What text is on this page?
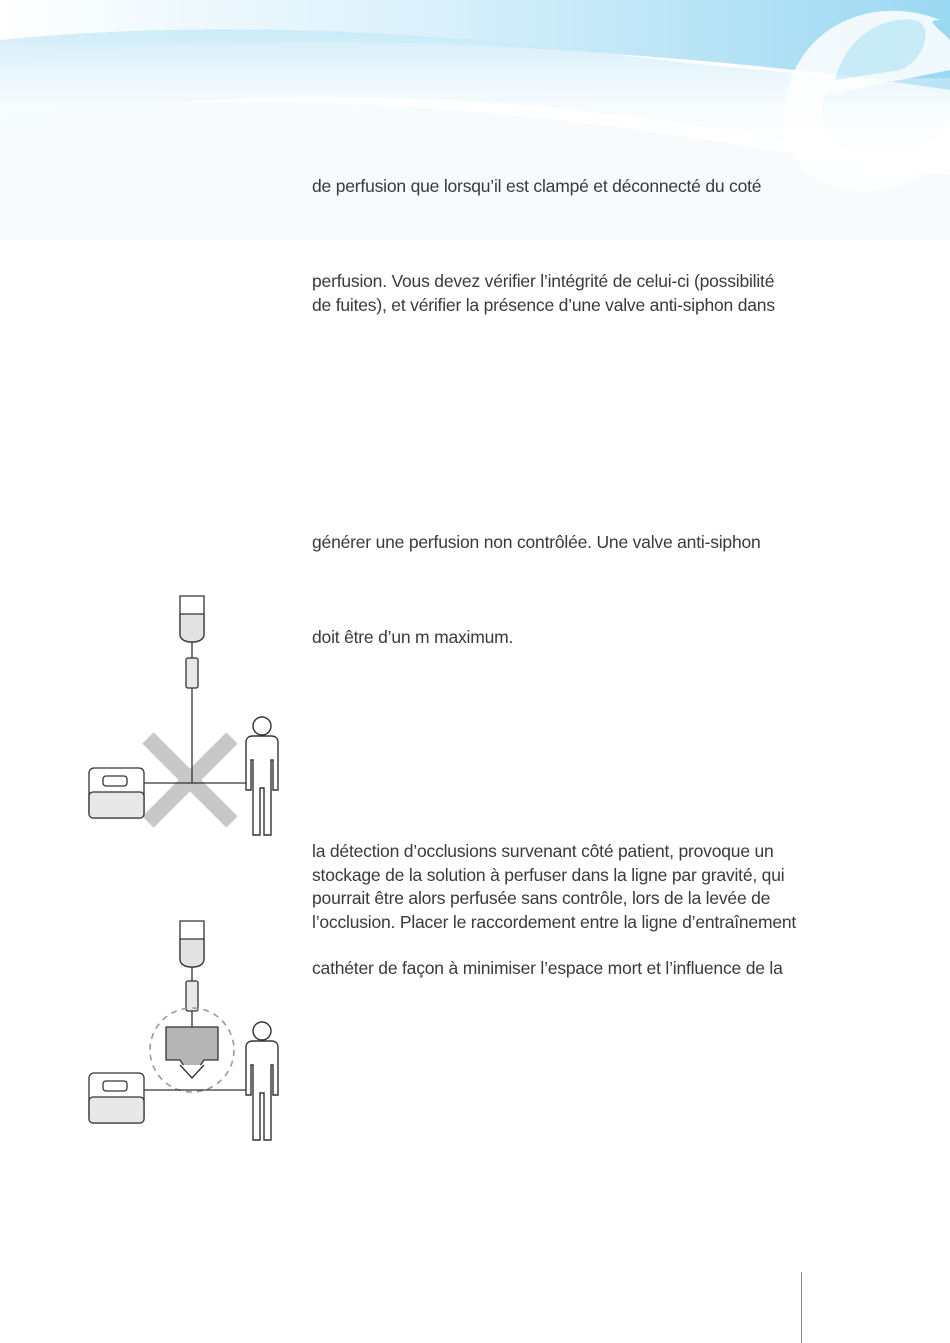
de perfusion que lorsqu’il est clampé et déconnecté du coté

perfusion. Vous devez vérifier l’intégrité de celui-ci (possibilité
de fuites), et vérifier la présence d’une valve anti-siphon dans

générer une perfusion non contrôlée. Une valve anti-siphon

doit être d’un m maximum.

la détection d’occlusions survenant côté patient, provoque un
stockage de la solution à perfuser dans la ligne par gravité, qui
pourrait être alors perfusée sans contrôle, lors de la levée de
l’occlusion. Placer le raccordement entre la ligne d’entraînement

cathéter de façon à minimiser l’espace mort et l’influence de la
